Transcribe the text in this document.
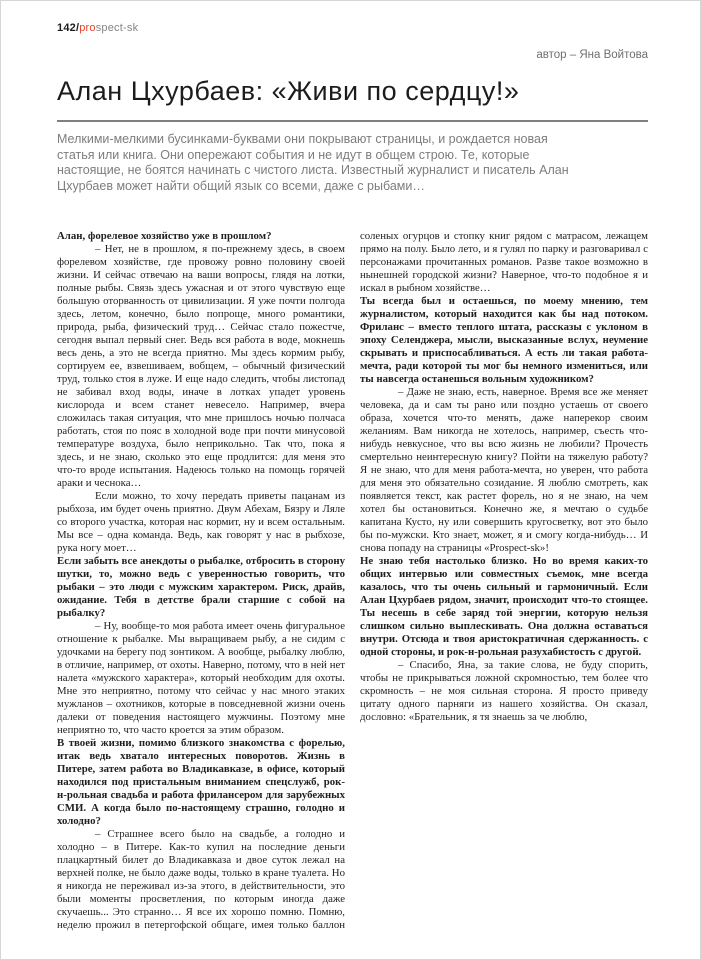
142/prospect-sk
автор – Яна Войтова
Алан Цхурбаев: «Живи по сердцу!»

Мелкими-мелкими бусинками-буквами они покрывают страницы, и рождается новая статья или книга. Они опережают события и не идут в общем строю. Те, которые настоящие, не боятся начинать с чистого листа. Известный журналист и писатель Алан Цхурбаев может найти общий язык со всеми, даже с рыбами…

Алан, форелевое хозяйство уже в прошлом?

– Нет, не в прошлом, я по-прежнему здесь, в своем форелевом хозяйстве, где провожу ровно половину своей жизни. И сейчас отвечаю на ваши вопросы, глядя на лотки, полные рыбы. Связь здесь ужасная и от этого чувствую еще большую оторванность от цивилизации. Я уже почти полгода здесь, летом, конечно, было попроще, много романтики, природа, рыба, физический труд… Сейчас стало пожестче, сегодня выпал первый снег. Ведь вся работа в воде, мокнешь весь день, а это не всегда приятно. Мы здесь кормим рыбу, сортируем ее, взвешиваем, вобщем, – обычный физический труд, только стоя в луже. И еще надо следить, чтобы листопад не забивал вход воды, иначе в лотках упадет уровень кислорода и всем станет невесело. Например, вчера сложилась такая ситуация, что мне пришлось ночью полчаса работать, стоя по пояс в холодной воде при почти минусовой температуре воздуха, было неприкольно. Так что, пока я здесь, и не знаю, сколько это еще продлится: для меня это что-то вроде испытания. Надеюсь только на помощь горячей араки и чеснока…

Если можно, то хочу передать приветы пацанам из рыбхоза, им будет очень приятно. Двум Абехам, Бязру и Ляле со второго участка, которая нас кормит, ну и всем остальным. Мы все – одна команда. Ведь, как говорят у нас в рыбхозе, рука ногу моет…

Если забыть все анекдоты о рыбалке, отбросить в сторону шутки, то, можно ведь с уверенностью говорить, что рыбаки – это люди с мужским характером. Риск, драйв, ожидание. Тебя в детстве брали старшие с собой на рыбалку?

– Ну, вообще-то моя работа имеет очень фигуральное отношение к рыбалке. Мы выращиваем рыбу, а не сидим с удочками на берегу под зонтиком. А вообще, рыбалку люблю, в отличие, например, от охоты. Наверно, потому, что в ней нет налета «мужского характера», который необходим для охоты. Мне это неприятно, потому что сейчас у нас много этаких мужланов – охотников, которые в повседневной жизни очень далеки от поведения настоящего мужчины. Поэтому мне неприятно то, что часто кроется за этим образом.

В твоей жизни, помимо близкого знакомства с форелью, итак ведь хватало интересных поворотов. Жизнь в Питере, затем работа во Владикавказе, в офисе, который находился под пристальным вниманием спецслужб, рок-н-рольная свадьба и работа фрилансером для зарубежных СМИ. А когда было по-настоящему страшно, голодно и холодно?

– Страшнее всего было на свадьбе, а голодно и холодно – в Питере. Как-то купил на последние деньги плацкартный билет до Владикавказа и двое суток лежал на верхней полке, не было даже воды, только в кране туалета. Но я никогда не переживал из-за этого, в действительности, это были моменты просветления, по которым иногда даже скучаешь... Это странно… Я все их хорошо помню. Помню, неделю прожил в петергофской общаге, имея только баллон соленых огурцов и стопку книг рядом с матрасом, лежащем прямо на полу. Было лето, и я гулял по парку и разговаривал с персонажами прочитанных романов. Разве такое возможно в нынешней городской жизни? Наверное, что-то подобное я и искал в рыбном хозяйстве…

Ты всегда был и остаешься, по моему мнению, тем журналистом, который находится как бы над потоком. Фриланс – вместо теплого штата, рассказы с уклоном в эпоху Селенджера, мысли, высказанные вслух, неумение скрывать и приспосабливаться. А есть ли такая работа-мечта, ради которой ты мог бы немного измениться, или ты навсегда останешься вольным художником?

– Даже не знаю, есть, наверное. Время все же меняет человека, да и сам ты рано или поздно устаешь от своего образа, хочется что-то менять, даже наперекор своим желаниям. Вам никогда не хотелось, например, съесть что-нибудь невкусное, что вы всю жизнь не любили? Прочесть смертельно неинтересную книгу? Пойти на тяжелую работу? Я не знаю, что для меня работа-мечта, но уверен, что работа для меня это обязательно созидание. Я люблю смотреть, как появляется текст, как растет форель, но я не знаю, на чем хотел бы остановиться. Конечно же, я мечтаю о судьбе капитана Кусто, ну или совершить кругосветку, вот это было бы по-мужски. Кто знает, может, я и смогу когда-нибудь… И снова попаду на страницы «Prospect-sk»!

Не знаю тебя настолько близко. Но во время каких-то общих интервью или совместных съемок, мне всегда казалось, что ты очень сильный и гармоничный. Если Алан Цхурбаев рядом, значит, происходит что-то стоящее. Ты несешь в себе заряд той энергии, которую нельзя слишком сильно выплескивать. Она должна оставаться внутри. Отсюда и твоя аристократичная сдержанность. с одной стороны, и рок-н-рольная разухабистость с другой.

– Спасибо, Яна, за такие слова, не буду спорить, чтобы не прикрываться ложной скромностью, тем более что скромность – не моя сильная сторона. Я просто приведу цитату одного парняги из нашего хозяйства. Он сказал, дословно: «Брательник, я тя знаешь за че люблю,
